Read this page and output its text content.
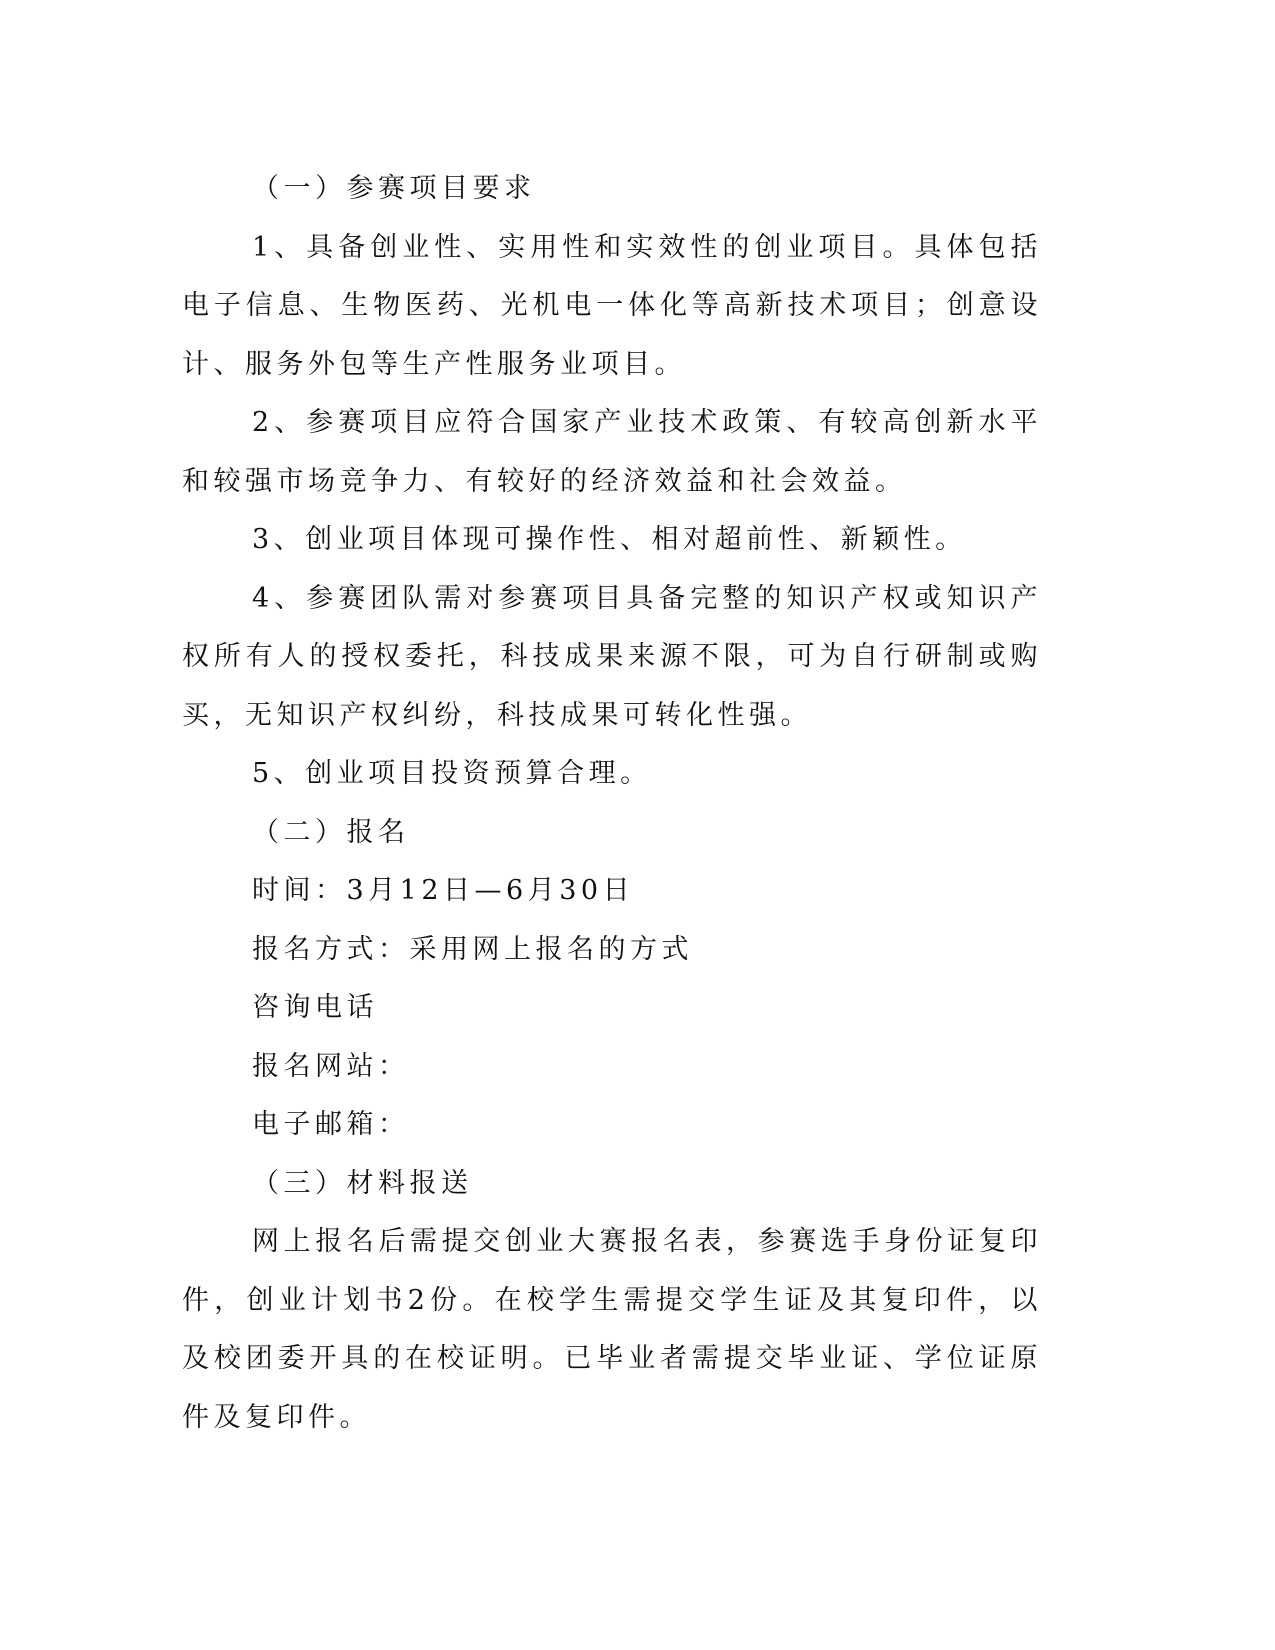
（一）参赛项目要求

1、具备创业性、实用性和实效性的创业项目。具体包括电子信息、生物医药、光机电一体化等高新技术项目；创意设计、服务外包等生产性服务业项目。

2、参赛项目应符合国家产业技术政策、有较高创新水平和较强市场竞争力、有较好的经济效益和社会效益。

3、创业项目体现可操作性、相对超前性、新颖性。

4、参赛团队需对参赛项目具备完整的知识产权或知识产权所有人的授权委托，科技成果来源不限，可为自行研制或购买，无知识产权纠纷，科技成果可转化性强。

5、创业项目投资预算合理。

（二）报名

时间：3月12日—6月30日

报名方式：采用网上报名的方式

咨询电话

报名网站：

电子邮箱：

（三）材料报送

网上报名后需提交创业大赛报名表，参赛选手身份证复印件，创业计划书2份。在校学生需提交学生证及其复印件，以及校团委开具的在校证明。已毕业者需提交毕业证、学位证原件及复印件。
